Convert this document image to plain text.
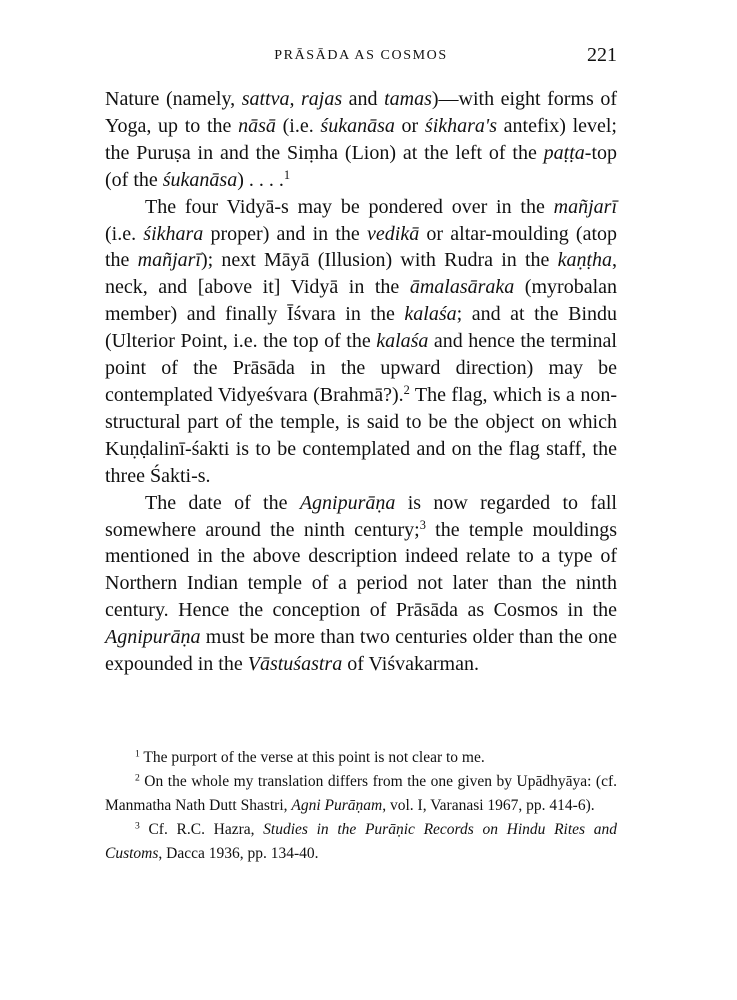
PRĀSĀDA AS COSMOS	221

Nature (namely, sattva, rajas and tamas)—with eight forms of Yoga, up to the nāsā (i.e. śukanāsa or śikhara's antefix) level; the Puruṣa in and the Siṃha (Lion) at the left of the paṭṭa-top (of the śukanāsa) . . . .$^1$

The four Vidyā-s may be pondered over in the mañjarī (i.e. śikhara proper) and in the vedikā or altar-moulding (atop the mañjarī); next Māyā (Illusion) with Rudra in the kaṇṭha, neck, and [above it] Vidyā in the āmalasāraka (myrobalan member) and finally Īśvara in the kalaśa; and at the Bindu (Ulterior Point, i.e. the top of the kalaśa and hence the terminal point of the Prāsāda in the upward direction) may be contemplated Vidyeśvara (Brahmā?).$^2$ The flag, which is a non-structural part of the temple, is said to be the object on which Kuṇḍalinī-śakti is to be contemplated and on the flag staff, the three Śakti-s.

The date of the Agnipurāṇa is now regarded to fall somewhere around the ninth century;$^3$ the temple mouldings mentioned in the above description indeed relate to a type of Northern Indian temple of a period not later than the ninth century. Hence the conception of Prāsāda as Cosmos in the Agnipurāṇa must be more than two centuries older than the one expounded in the Vāstuśastra of Viśvakarman.

$^1$ The purport of the verse at this point is not clear to me.

$^2$ On the whole my translation differs from the one given by Upādhyāya: (cf. Manmatha Nath Dutt Shastri, Agni Purāṇam, vol. I, Varanasi 1967, pp. 414-6).

$^3$ Cf. R.C. Hazra, Studies in the Purāṇic Records on Hindu Rites and Customs, Dacca 1936, pp. 134-40.
